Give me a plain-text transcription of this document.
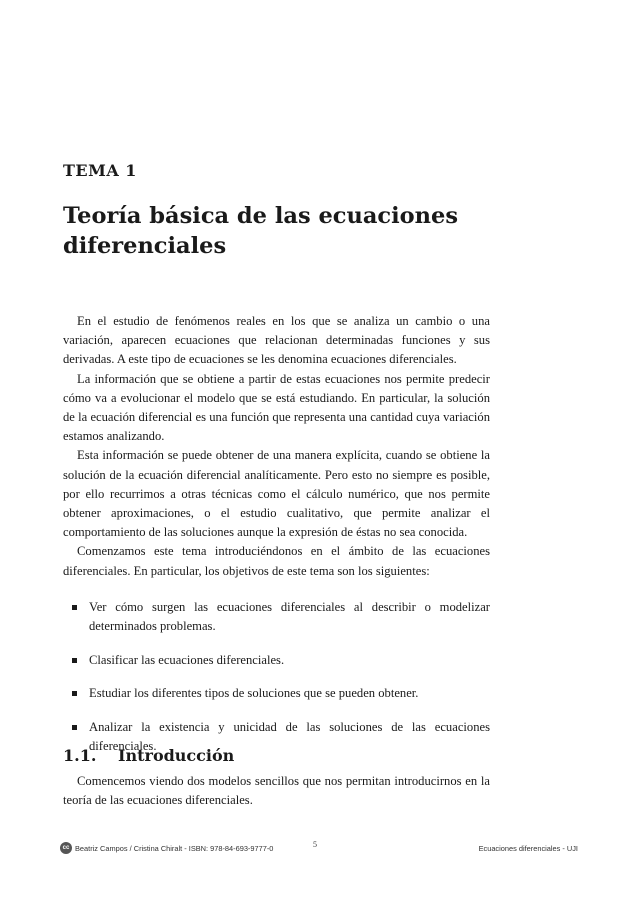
TEMA 1
Teoría básica de las ecuaciones
diferenciales

En el estudio de fenómenos reales en los que se analiza un cambio o una variación, aparecen ecuaciones que relacionan determinadas funciones y sus derivadas. A este tipo de ecuaciones se les denomina ecuaciones diferenciales.

La información que se obtiene a partir de estas ecuaciones nos permite predecir cómo va a evolucionar el modelo que se está estudiando. En particular, la solución de la ecuación diferencial es una función que representa una cantidad cuya variación estamos analizando.

Esta información se puede obtener de una manera explícita, cuando se obtiene la solución de la ecuación diferencial analíticamente. Pero esto no siempre es posible, por ello recurrimos a otras técnicas como el cálculo numérico, que nos permite obtener aproximaciones, o el estudio cualitativo, que permite analizar el comportamiento de las soluciones aunque la expresión de éstas no sea conocida.

Comenzamos este tema introduciéndonos en el ámbito de las ecuaciones diferenciales. En particular, los objetivos de este tema son los siguientes:

Ver cómo surgen las ecuaciones diferenciales al describir o modelizar determinados problemas.
Clasificar las ecuaciones diferenciales.
Estudiar los diferentes tipos de soluciones que se pueden obtener.
Analizar la existencia y unicidad de las soluciones de las ecuaciones diferenciales.
1.1. Introducción

Comencemos viendo dos modelos sencillos que nos permitan introducirnos en la teoría de las ecuaciones diferenciales.

cc Beatriz Campos / Cristina Chiralt - ISBN: 978-84-693-9777-0	5	Ecuaciones diferenciales - UJI
